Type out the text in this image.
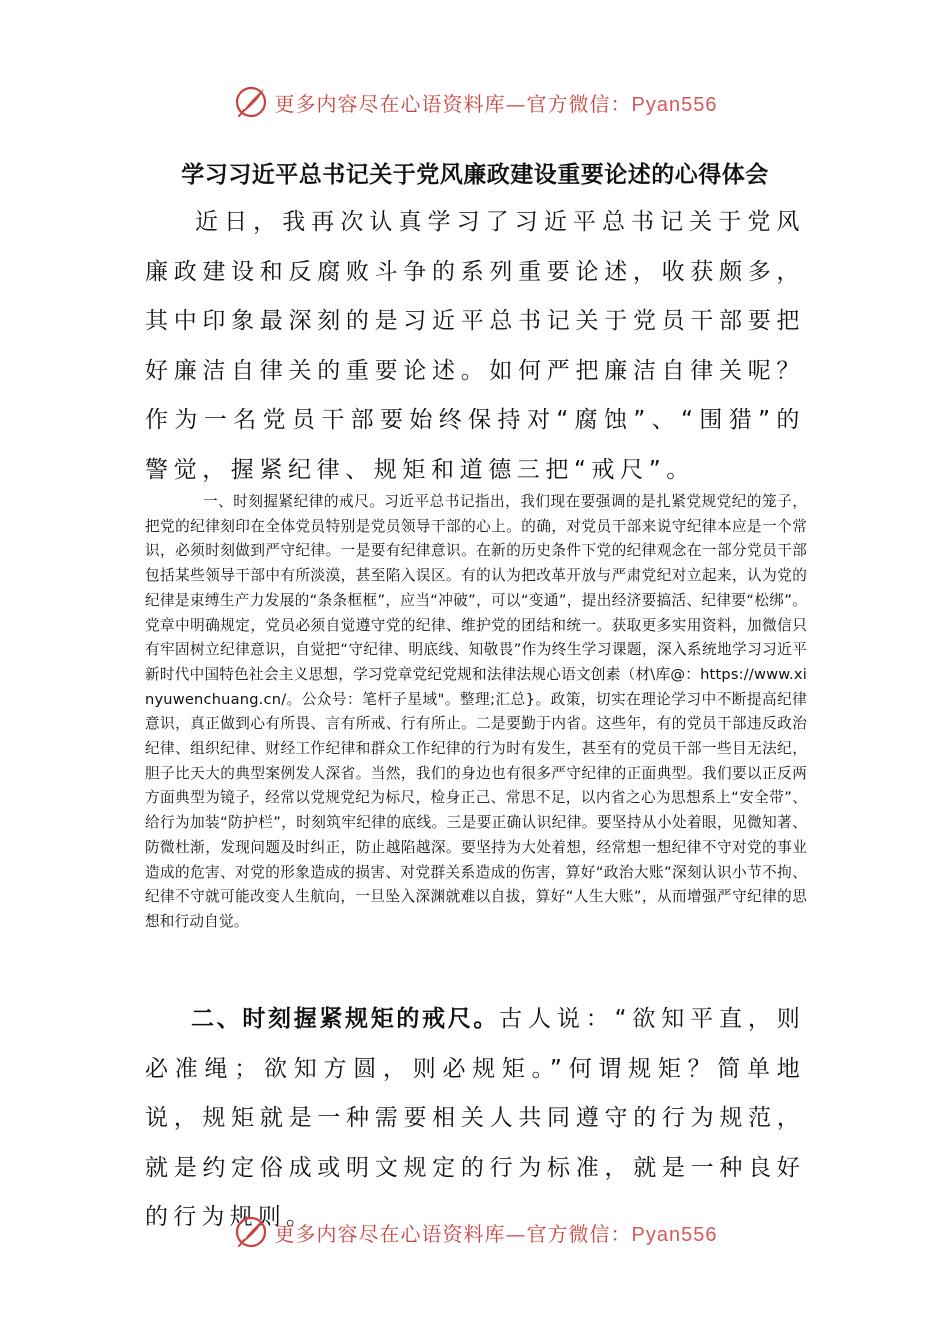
更多内容尽在心语资料库—官方微信：Pyan556
学习习近平总书记关于党风廉政建设重要论述的心得体会

近日，我再次认真学习了习近平总书记关于党风廉政建设和反腐败斗争的系列重要论述，收获颇多，其中印象最深刻的是习近平总书记关于党员干部要把好廉洁自律关的重要论述。如何严把廉洁自律关呢？作为一名党员干部要始终保持对“腐蚀”、“围猎”的警觉，握紧纪律、规矩和道德三把“戒尺”。

一、时刻握紧纪律的戒尺。习近平总书记指出，我们现在要强调的是扎紧党规党纪的笼子，把党的纪律刻印在全体党员特别是党员领导干部的心上。的确，对党员干部来说守纪律本应是一个常识，必须时刻做到严守纪律。一是要有纪律意识。在新的历史条件下党的纪律观念在一部分党员干部包括某些领导干部中有所淡漠，甚至陷入误区。有的认为把改革开放与严肃党纪对立起来，认为党的纪律是束缚生产力发展的“条条框框”，应当“冲破”，可以“变通”，提出经济要搞活、纪律要“松绑”。党章中明确规定，党员必须自觉遵守党的纪律、维护党的团结和统一。获取更多实用资料，加微信只有牢固树立纪律意识，自觉把“守纪律、明底线、知敬畏”作为终生学习课题，深入系统地学习习近平新时代中国特色社会主义思想，学习党章党纪党规和法律法规心语文创素（材\库@：https://www.xinyuwenchuang.cn/。公众号：笔杆子星域"。整理;汇总}。政策，切实在理论学习中不断提高纪律意识，真正做到心有所畏、言有所戒、行有所止。二是要勤于内省。这些年，有的党员干部违反政治纪律、组织纪律、财经工作纪律和群众工作纪律的行为时有发生，甚至有的党员干部一些目无法纪，胆子比天大的典型案例发人深省。当然，我们的身边也有很多严守纪律的正面典型。我们要以正反两方面典型为镜子，经常以党规党纪为标尺，检身正己、常思不足，以内省之心为思想系上“安全带”、给行为加装“防护栏”，时刻筑牢纪律的底线。三是要正确认识纪律。要坚持从小处着眼，见微知著、防微杜渐，发现问题及时纠正，防止越陷越深。要坚持为大处着想，经常想一想纪律不守对党的事业造成的危害、对党的形象造成的损害、对党群关系造成的伤害，算好“政治大账”深刻认识小节不拘、纪律不守就可能改变人生航向，一旦坠入深渊就难以自拔，算好“人生大账”，从而增强严守纪律的思想和行动自觉。

二、时刻握紧规矩的戒尺。古人说：“欲知平直，则必准绳；欲知方圆，则必规矩。”何谓规矩？简单地说，规矩就是一种需要相关人共同遵守的行为规范，就是约定俗成或明文规定的行为标准，就是一种良好的行为规则。

更多内容尽在心语资料库—官方微信：Pyan556
